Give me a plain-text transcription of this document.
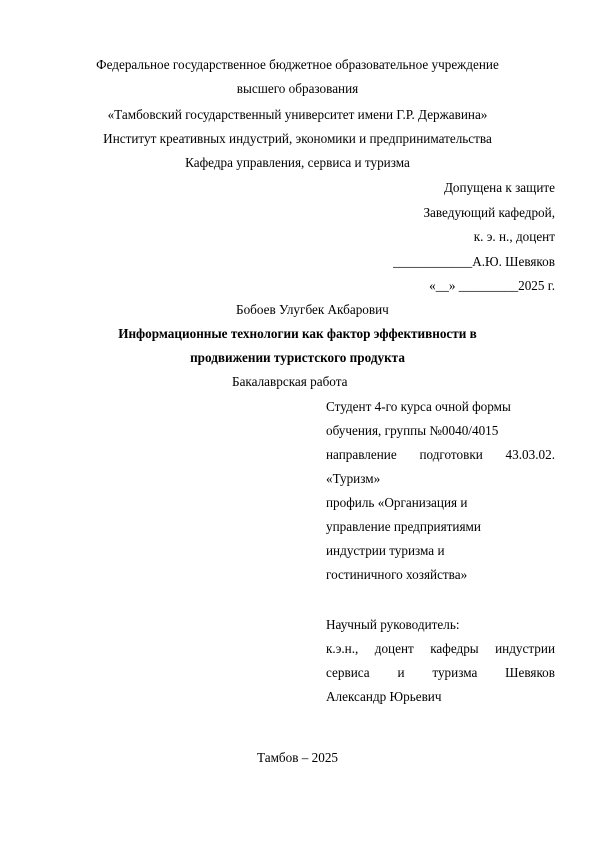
Федеральное государственное бюджетное образовательное учреждение
высшего образования
«Тамбовский государственный университет имени Г.Р. Державина»
Институт креативных индустрий, экономики и предпринимательства
Кафедра управления, сервиса и туризма
Допущена к защите
Заведующий кафедрой,
к. э. н., доцент
____________А.Ю. Шевяков
«__» _________2025 г.
Бобоев Улугбек Акбарович
Информационные технологии как фактор эффективности в
продвижении туристского продукта
Бакалаврская работа
Студент 4-го курса очной формы
обучения, группы №0040/4015
направление подготовки 43.03.02.
«Туризм»
профиль «Организация и
управление предприятиями
индустрии туризма и
гостиничного хозяйства»
Научный руководитель:
к.э.н., доцент кафедры индустрии
сервиса и туризма Шевяков
Александр Юрьевич
Тамбов – 2025
